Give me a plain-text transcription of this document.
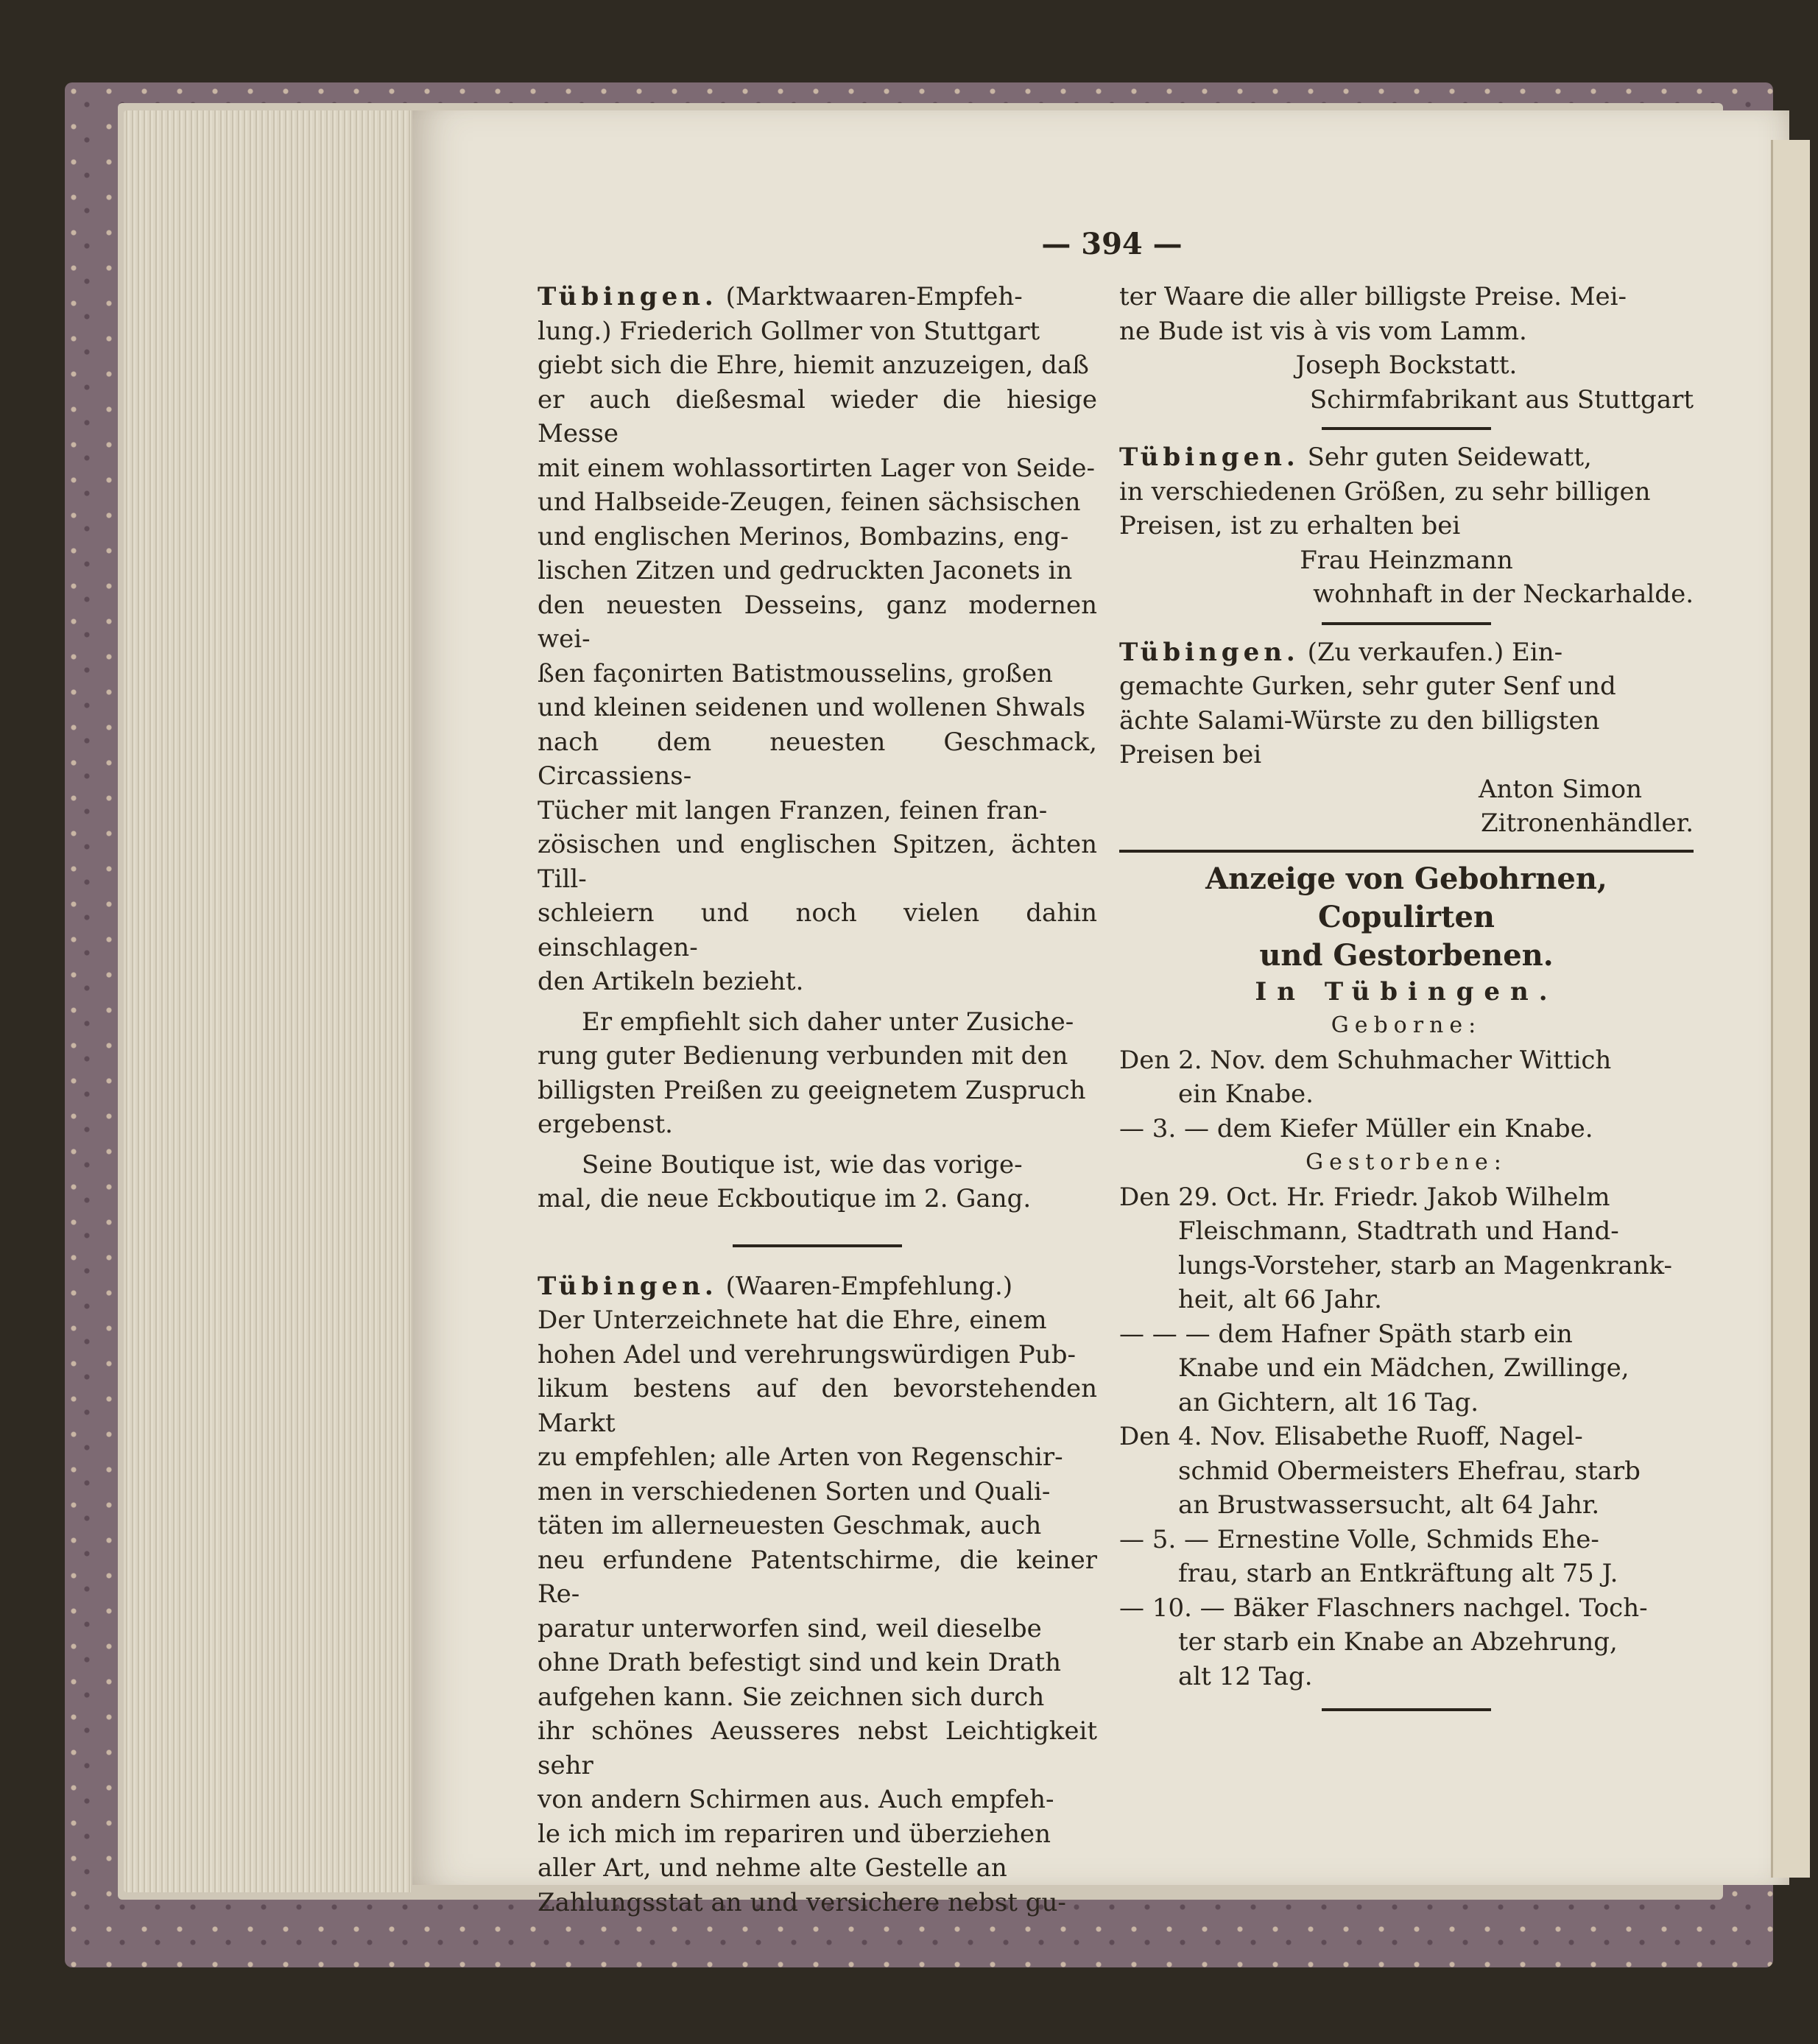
— 394 —

Tübingen. (Marktwaaren-Empfeh-
lung.) Friederich Gollmer von Stuttgart
giebt sich die Ehre, hiemit anzuzeigen, daß
er auch dießesmal wieder die hiesige Messe
mit einem wohlassortirten Lager von Seide-
und Halbseide-Zeugen, feinen sächsischen
und englischen Merinos, Bombazins, eng-
lischen Zitzen und gedruckten Jaconets in
den neuesten Desseins, ganz modernen wei-
ßen façonirten Batistmousselins, großen
und kleinen seidenen und wollenen Shwals
nach dem neuesten Geschmack, Circassiens-
Tücher mit langen Franzen, feinen fran-
zösischen und englischen Spitzen, ächten Till-
schleiern und noch vielen dahin einschlagen-
den Artikeln bezieht.

Er empfiehlt sich daher unter Zusiche-
rung guter Bedienung verbunden mit den
billigsten Preißen zu geeignetem Zuspruch
ergebenst.

Seine Boutique ist, wie das vorige-
mal, die neue Eckboutique im 2. Gang.

Tübingen. (Waaren-Empfehlung.)
Der Unterzeichnete hat die Ehre, einem
hohen Adel und verehrungswürdigen Pub-
likum bestens auf den bevorstehenden Markt
zu empfehlen; alle Arten von Regenschir-
men in verschiedenen Sorten und Quali-
täten im allerneuesten Geschmak, auch
neu erfundene Patentschirme, die keiner Re-
paratur unterworfen sind, weil dieselbe
ohne Drath befestigt sind und kein Drath
aufgehen kann. Sie zeichnen sich durch
ihr schönes Aeusseres nebst Leichtigkeit sehr
von andern Schirmen aus. Auch empfeh-
le ich mich im repariren und überziehen
aller Art, und nehme alte Gestelle an
Zahlungsstat an und versichere nebst gu-

ter Waare die aller billigste Preise. Mei-
ne Bude ist vis à vis vom Lamm.

Joseph Bockstatt.

Schirmfabrikant aus Stuttgart

Tübingen. Sehr guten Seidewatt,
in verschiedenen Größen, zu sehr billigen
Preisen, ist zu erhalten bei

Frau Heinzmann

wohnhaft in der Neckarhalde.

Tübingen. (Zu verkaufen.) Ein-
gemachte Gurken, sehr guter Senf und
ächte Salami-Würste zu den billigsten
Preisen bei

Anton Simon

Zitronenhändler.

Anzeige von Gebohrnen, Copulirten
und Gestorbenen.

In Tübingen.

Geborne:

Den 2. Nov. dem Schuhmacher Wittich
ein Knabe.

— 3. — dem Kiefer Müller ein Knabe.

Gestorbene:

Den 29. Oct. Hr. Friedr. Jakob Wilhelm
Fleischmann, Stadtrath und Hand-
lungs-Vorsteher, starb an Magenkrank-
heit, alt 66 Jahr.

— — — dem Hafner Späth starb ein
Knabe und ein Mädchen, Zwillinge,
an Gichtern, alt 16 Tag.

Den 4. Nov. Elisabethe Ruoff, Nagel-
schmid Obermeisters Ehefrau, starb
an Brustwassersucht, alt 64 Jahr.

— 5. — Ernestine Volle, Schmids Ehe-
frau, starb an Entkräftung alt 75 J.

— 10. — Bäker Flaschners nachgel. Toch-
ter starb ein Knabe an Abzehrung,
alt 12 Tag.
